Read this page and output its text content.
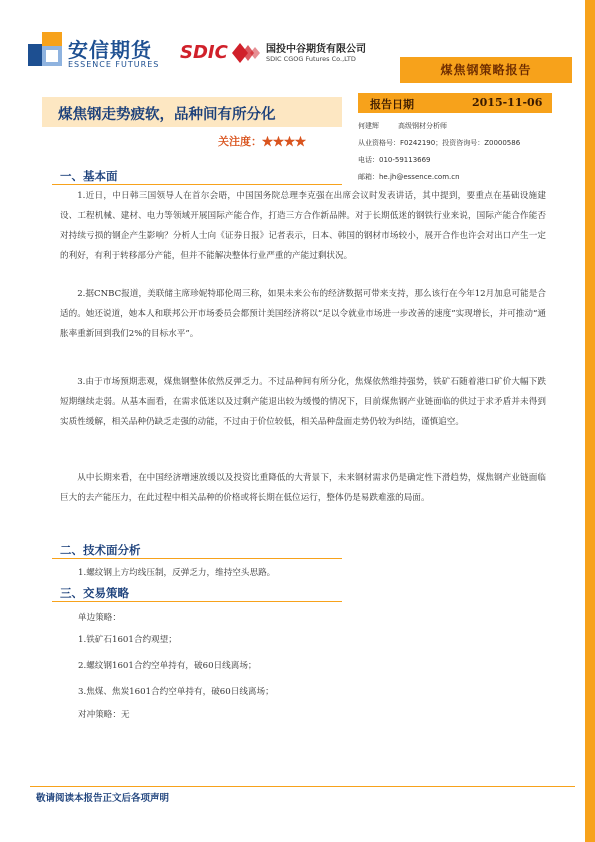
安信期货
ESSENCE FUTURES
SDIC	国投中谷期货有限公司
SDIC CGOG Futures Co.,LTD
煤焦钢策略报告
煤焦钢走势疲软，品种间有所分化
关注度：★★★★
报告日期	2015-11-06
何建辉	高级钢材分析师
从业资格号：F0242190；投资咨询号：Z0000586
电话：010-59113669
邮箱：he.jh@essence.com.cn
一、基本面
1.近日，中日韩三国领导人在首尔会晤，中国国务院总理李克强在出席会议时发表讲话，其中提到，要重点在基础设施建设、工程机械、建材、电力等领域开展国际产能合作，打造三方合作新品牌。对于长期低迷的钢铁行业来说，国际产能合作能否对持续亏损的钢企产生影响？分析人士向《证券日报》记者表示，日本、韩国的钢材市场较小，展开合作也许会对出口产生一定的利好，有利于转移部分产能，但并不能解决整体行业严重的产能过剩状况。
2.据CNBC报道，美联储主席珍妮特耶伦周三称，如果未来公布的经济数据可带来支持，那么该行在今年12月加息可能是合适的。她还说道，她本人和联邦公开市场委员会都预计美国经济将以“足以令就业市场进一步改善的速度”实现增长，并可推动“通胀率重新回到我们2%的目标水平”。
3.由于市场预期悲观，煤焦钢整体依然反弹乏力。不过品种间有所分化，焦煤依然维持强势，铁矿石随着港口矿价大幅下跌短期继续走弱。从基本面看，在需求低迷以及过剩产能退出较为缓慢的情况下，目前煤焦钢产业链面临的供过于求矛盾并未得到实质性缓解，相关品种仍缺乏走强的动能，不过由于价位较低，相关品种盘面走势仍较为纠结，谨慎追空。
从中长期来看，在中国经济增速放缓以及投资比重降低的大背景下，未来钢材需求仍是确定性下滑趋势，煤焦钢产业链面临巨大的去产能压力，在此过程中相关品种的价格或将长期在低位运行，整体仍是易跌难涨的局面。
二、技术面分析
1.螺纹钢上方均线压制，反弹乏力，维持空头思路。
三、交易策略
单边策略：
1.铁矿石1601合约观望；
2.螺纹钢1601合约空单持有，破60日线离场；
3.焦煤、焦炭1601合约空单持有，破60日线离场；
对冲策略：无
敬请阅读本报告正文后各项声明
